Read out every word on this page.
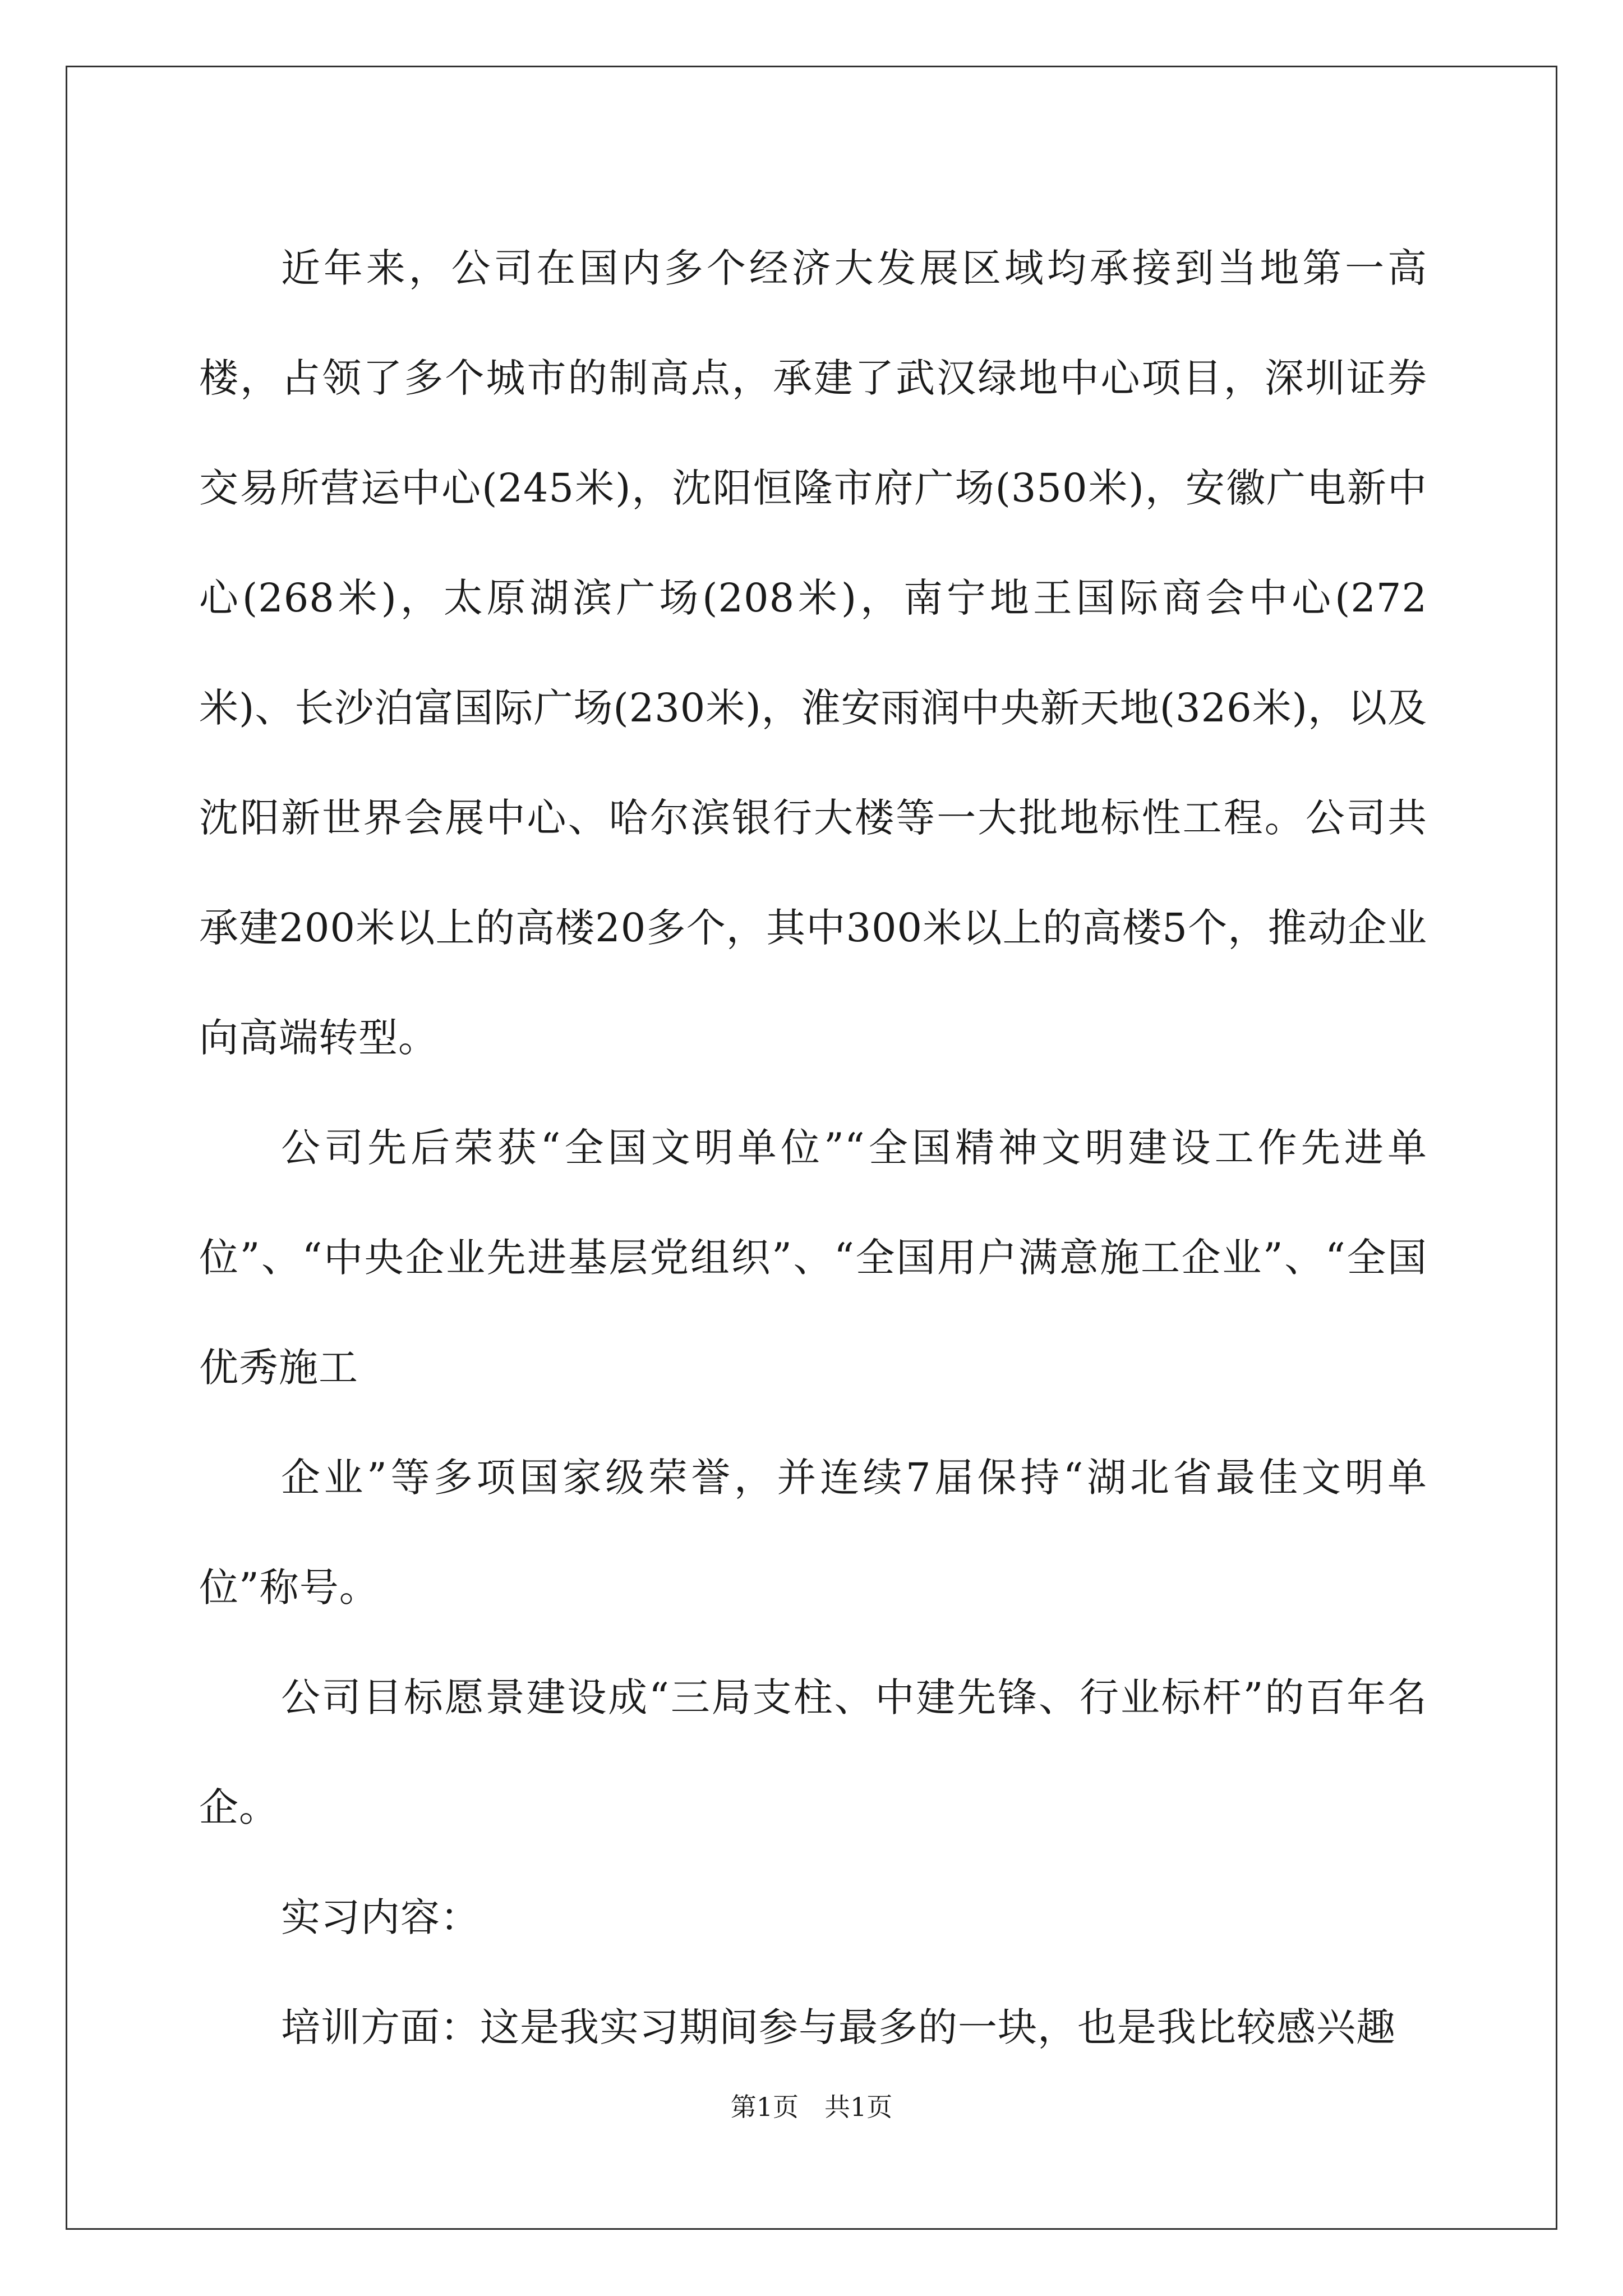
近年来，公司在国内多个经济大发展区域均承接到当地第一高楼，占领了多个城市的制高点，承建了武汉绿地中心项目，深圳证券交易所营运中心(245米)，沈阳恒隆市府广场(350米)，安徽广电新中心(268米)，太原湖滨广场(208米)，南宁地王国际商会中心(272米)、长沙泊富国际广场(230米)，淮安雨润中央新天地(326米)，以及沈阳新世界会展中心、哈尔滨银行大楼等一大批地标性工程。公司共承建200米以上的高楼20多个，其中300米以上的高楼5个，推动企业向高端转型。

公司先后荣获“全国文明单位”“全国精神文明建设工作先进单位”、“中央企业先进基层党组织”、“全国用户满意施工企业”、“全国优秀施工

企业”等多项国家级荣誉，并连续7届保持“湖北省最佳文明单位”称号。

公司目标愿景建设成“三局支柱、中建先锋、行业标杆”的百年名企。

实习内容：

培训方面：这是我实习期间参与最多的一块，也是我比较感兴趣

第1页　共1页
